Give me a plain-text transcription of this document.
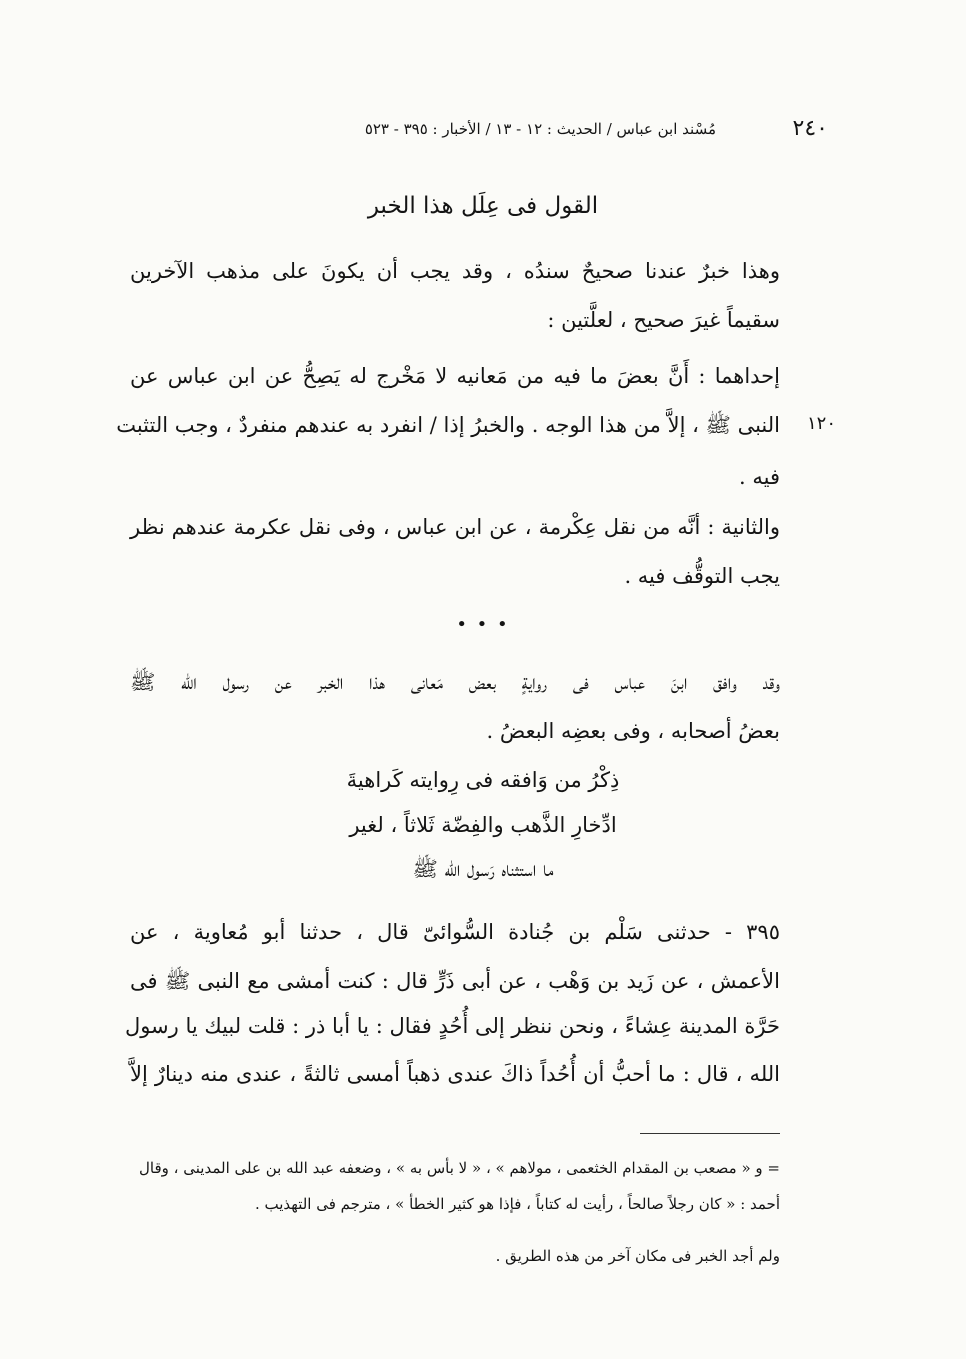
٢٤٠
مُسْند ابن عباس / الحديث : ١٢ - ١٣ / الأخبار : ٣٩٥ - ٥٢٣
القول فى عِلَل هذا الخبر
وهذا خبرٌ عندنا صحيحٌ سندُه ، وقد يجب أن يكونَ على مذهب الآخرين
سقيماً غيرَ صحيح ، لعلَّتين :
إحداهما : أَنَّ بعضَ ما فيه من مَعانيه لا مَخْرج له يَصِحُّ عن ابن عباس عن
النبى ﷺ ، إلاَّ من هذا الوجه . والخبرُ إذا / انفرد به عندهم منفردٌ ، وجب التثبت
فيه .
١٢٠
والثانية : أنَّه من نقل عِكْرمة ، عن ابن عباس ، وفى نقل عكرمة عندهم نظر
يجب التوقُّف فيه .
• • •
وقد وافق ابنَ عباس فى روايةٍ بعض مَعانى هذا الخبر عن رسول الله ﷺ
بعضُ أصحابه ، وفى بعضِه البعضُ .
ذِكْرُ من وَافقه فى رِوايته كَراهيةَ
ادِّخارِ الذَّهب والفِضّة ثَلاثاً ، لغير
ما استثناه رَسول الله ﷺ
٣٩٥ - حدثنى سَلْم بن جُنادة السُّوائىّ قال ، حدثنا أبو مُعاوية ، عن
الأعمش ، عن زَيد بن وَهْب ، عن أبى ذَرٍّ قال : كنت أمشى مع النبى ﷺ فى
حَرَّة المدينة عِشاءً ، ونحن ننظر إلى أُحُدٍ فقال : يا أبا ذر : قلت لبيك يا رسول
الله ، قال : ما أحبُّ أن أُحُداً ذاكَ عندى ذهباً أمسى ثالثةً ، عندى منه دينارٌ إلاَّ
= و « مصعب بن المقدام الخثعمى ، مولاهم » ، « لا بأس به » ، وضعفه عبد الله بن على المدينى ، وقال
أحمد : « كان رجلاً صالحاً ، رأيت له كتاباً ، فإذا هو كثير الخطأ » ، مترجم فى التهذيب .
ولم أجد الخبر فى مكان آخر من هذه الطريق .
